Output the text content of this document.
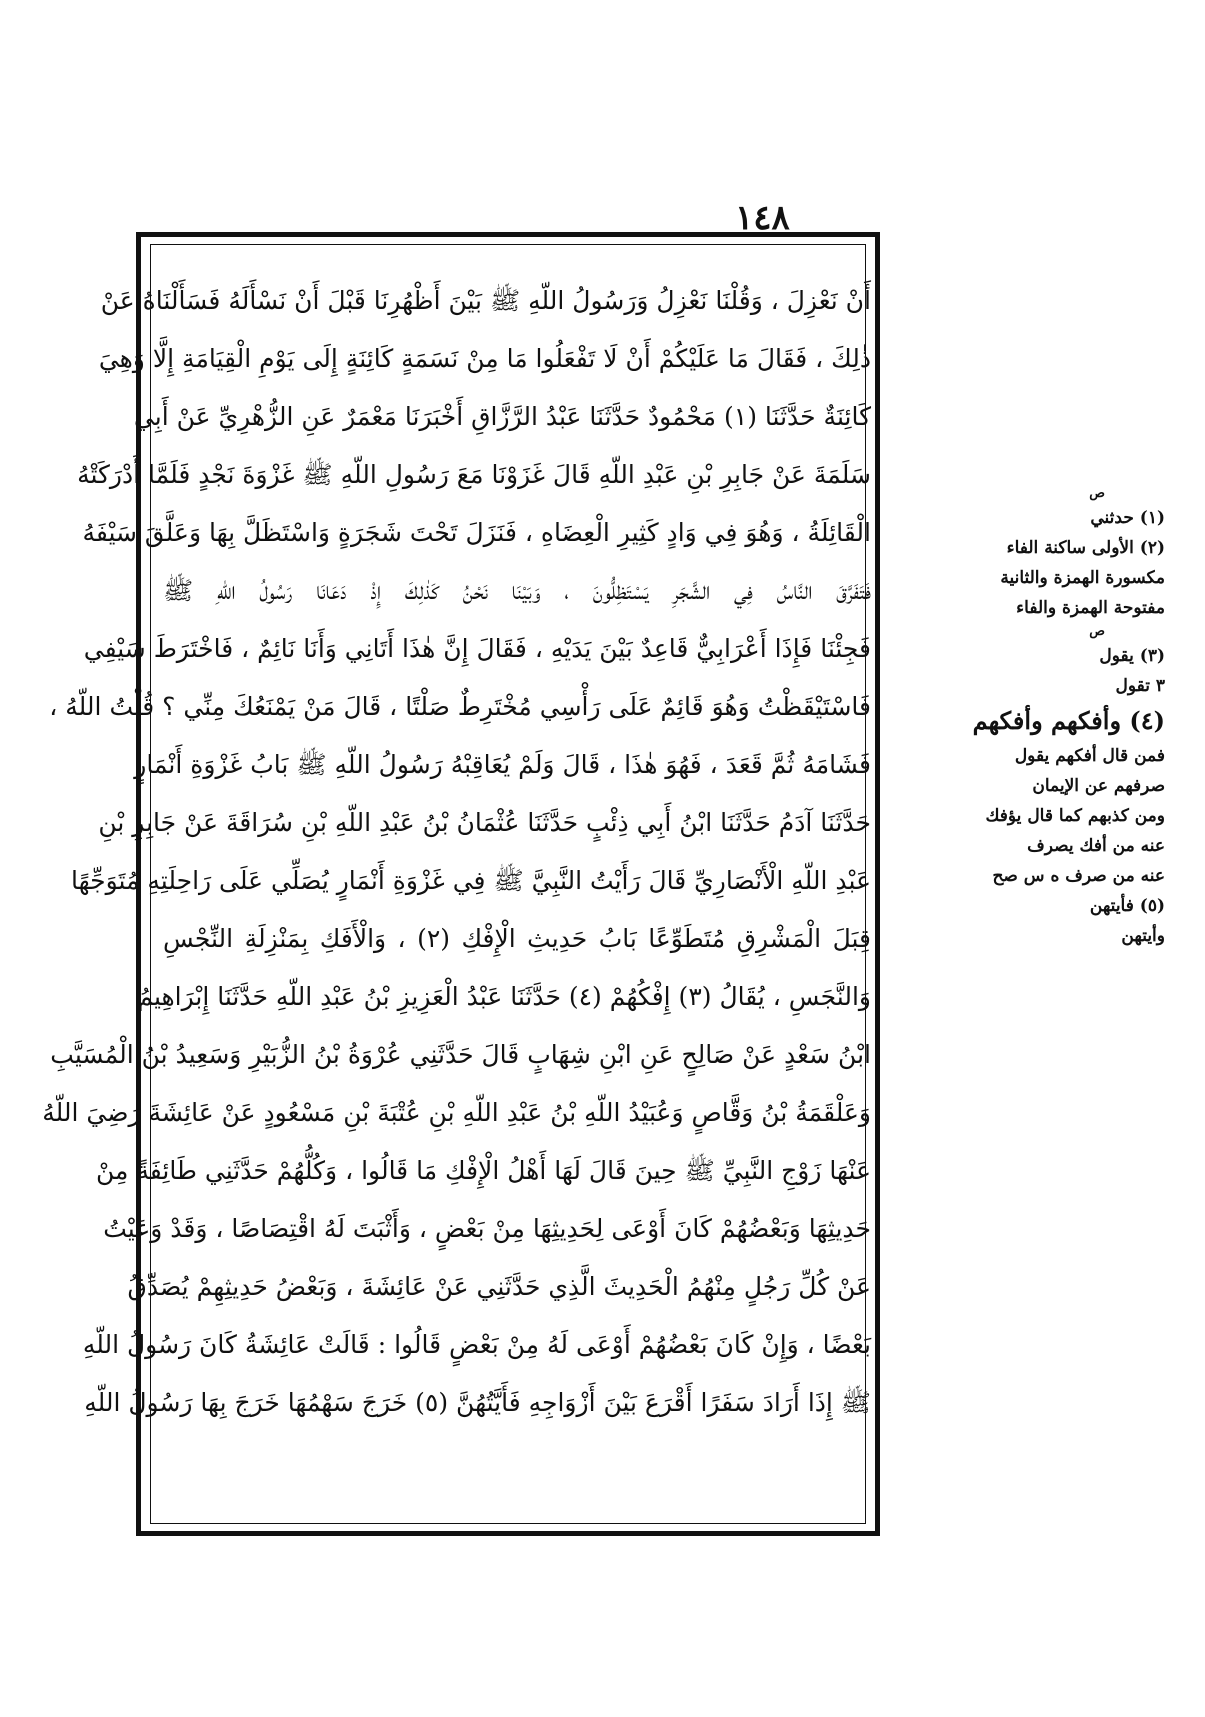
١٤٨
أَنْ نَعْزِلَ ، وَقُلْنَا نَعْزِلُ وَرَسُولُ اللّهِ ﷺ بَيْنَ أَظْهُرِنَا قَبْلَ أَنْ نَسْأَلَهُ فَسَأَلْنَاهُ عَنْ
ذٰلِكَ ، فَقَالَ مَا عَلَيْكُمْ أَنْ لَا تَفْعَلُوا مَا مِنْ نَسَمَةٍ كَائِنَةٍ إِلَى يَوْمِ الْقِيَامَةِ إِلَّا وَهِيَ
كَائِنَةٌ حَدَّثَنَا (١) مَحْمُودٌ حَدَّثَنَا عَبْدُ الرَّزَّاقِ أَخْبَرَنَا مَعْمَرٌ عَنِ الزُّهْرِيِّ عَنْ أَبِي
سَلَمَةَ عَنْ جَابِرِ بْنِ عَبْدِ اللّهِ قَالَ غَزَوْنَا مَعَ رَسُولِ اللّهِ ﷺ غَزْوَةَ نَجْدٍ فَلَمَّا أَدْرَكَتْهُ
الْقَائِلَةُ ، وَهُوَ فِي وَادٍ كَثِيرِ الْعِضَاهِ ، فَنَزَلَ تَحْتَ شَجَرَةٍ وَاسْتَظَلَّ بِهَا وَعَلَّقَ سَيْفَهُ
فَتَفَرَّقَ النَّاسُ فِي الشَّجَرِ يَسْتَظِلُّونَ ، وَبَيْنَا نَحْنُ كَذٰلِكَ إِذْ دَعَانَا رَسُولُ اللّهِ ﷺ
فَجِئْنَا فَإِذَا أَعْرَابِيٌّ قَاعِدٌ بَيْنَ يَدَيْهِ ، فَقَالَ إِنَّ هٰذَا أَتَانِي وَأَنَا نَائِمٌ ، فَاخْتَرَطَ سَيْفِي
فَاسْتَيْقَظْتُ وَهُوَ قَائِمٌ عَلَى رَأْسِي مُخْتَرِطٌ صَلْتًا ، قَالَ مَنْ يَمْنَعُكَ مِنِّي ؟ قُلْتُ اللّهُ ،
فَشَامَهُ ثُمَّ قَعَدَ ، فَهُوَ هٰذَا ، قَالَ وَلَمْ يُعَاقِبْهُ رَسُولُ اللّهِ ﷺ بَابُ غَزْوَةِ أَنْمَارٍ
حَدَّثَنَا آدَمُ حَدَّثَنَا ابْنُ أَبِي ذِئْبٍ حَدَّثَنَا عُثْمَانُ بْنُ عَبْدِ اللّهِ بْنِ سُرَاقَةَ عَنْ جَابِرِ بْنِ
عَبْدِ اللّهِ الْأَنْصَارِيِّ قَالَ رَأَيْتُ النَّبِيَّ ﷺ فِي غَزْوَةِ أَنْمَارٍ يُصَلِّي عَلَى رَاحِلَتِهِ مُتَوَجِّهًا
قِبَلَ الْمَشْرِقِ مُتَطَوِّعًا بَابُ حَدِيثِ الْإِفْكِ (٢) ، وَالْأَفَكِ بِمَنْزِلَةِ النِّجْسِ
وَالنَّجَسِ ، يُقَالُ (٣) إِفْكُهُمْ (٤) حَدَّثَنَا عَبْدُ الْعَزِيزِ بْنُ عَبْدِ اللّهِ حَدَّثَنَا إِبْرَاهِيمُ
ابْنُ سَعْدٍ عَنْ صَالِحٍ عَنِ ابْنِ شِهَابٍ قَالَ حَدَّثَنِي عُرْوَةُ بْنُ الزُّبَيْرِ وَسَعِيدُ بْنُ الْمُسَيَّبِ
وَعَلْقَمَةُ بْنُ وَقَّاصٍ وَعُبَيْدُ اللّهِ بْنُ عَبْدِ اللّهِ بْنِ عُتْبَةَ بْنِ مَسْعُودٍ عَنْ عَائِشَةَ رَضِيَ اللّهُ
عَنْهَا زَوْجِ النَّبِيِّ ﷺ حِينَ قَالَ لَهَا أَهْلُ الْإِفْكِ مَا قَالُوا ، وَكُلُّهُمْ حَدَّثَنِي طَائِفَةً مِنْ
حَدِيثِهَا وَبَعْضُهُمْ كَانَ أَوْعَى لِحَدِيثِهَا مِنْ بَعْضٍ ، وَأَثْبَتَ لَهُ اقْتِصَاصًا ، وَقَدْ وَعَيْتُ
عَنْ كُلِّ رَجُلٍ مِنْهُمُ الْحَدِيثَ الَّذِي حَدَّثَنِي عَنْ عَائِشَةَ ، وَبَعْضُ حَدِيثِهِمْ يُصَدِّقُ
بَعْضًا ، وَإِنْ كَانَ بَعْضُهُمْ أَوْعَى لَهُ مِنْ بَعْضٍ قَالُوا : قَالَتْ عَائِشَةُ كَانَ رَسُولُ اللّهِ
ﷺ إِذَا أَرَادَ سَفَرًا أَقْرَعَ بَيْنَ أَزْوَاجِهِ فَأَيَّتُهُنَّ (٥) خَرَجَ سَهْمُهَا خَرَجَ بِهَا رَسُولُ اللّهِ
ص
(١) حدثني
(٢) الأولى ساكنة الفاء
مكسورة الهمزة والثانية
مفتوحة الهمزة والفاء
ص
(٣) يقول
٣ تقول
(٤) وأفكهم وأفكهم
فمن قال أفكهم يقول
صرفهم عن الإيمان
ومن كذبهم كما قال يؤفك
عنه من أفك يصرف
عنه من صرف ه س صح
(٥) فأيتهن
وأيتهن
